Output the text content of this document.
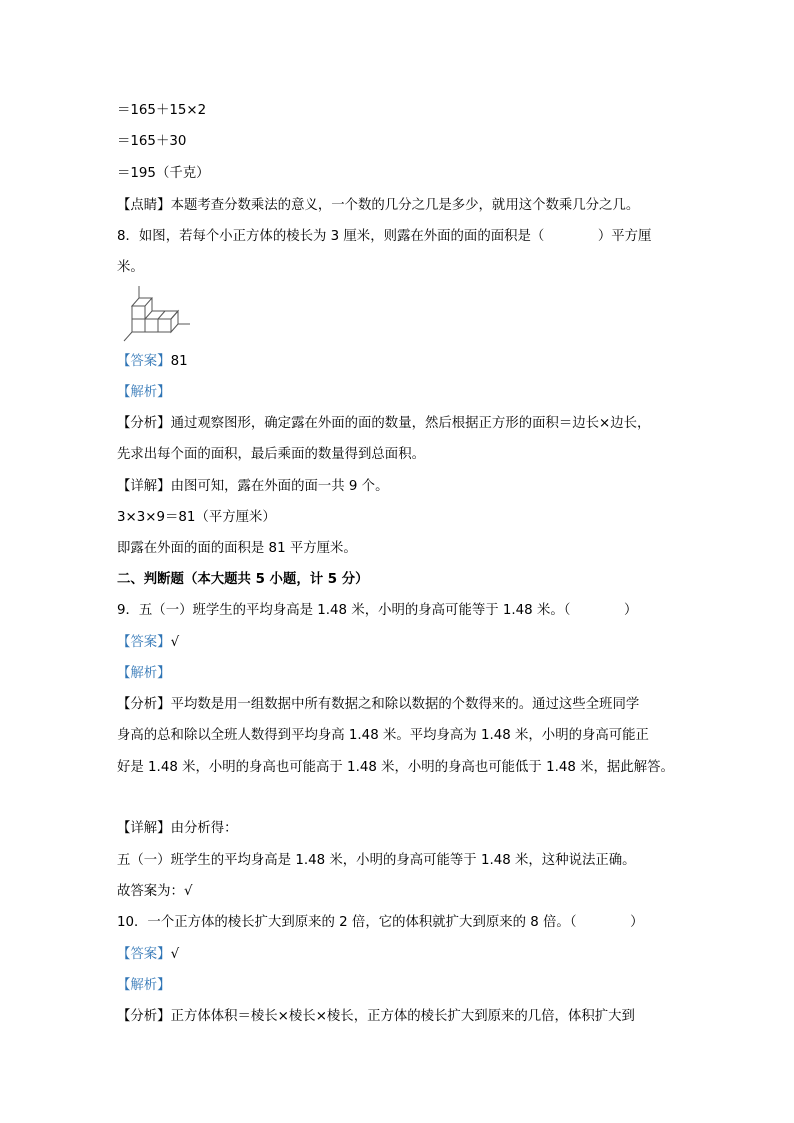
＝165＋15×2
＝165＋30
＝195（千克）
【点睛】本题考查分数乘法的意义，一个数的几分之几是多少，就用这个数乘几分之几。
8．如图，若每个小正方体的棱长为 3 厘米，则露在外面的面的面积是（　　　　）平方厘
米。
【答案】81
【解析】
【分析】通过观察图形，确定露在外面的面的数量，然后根据正方形的面积＝边长×边长，
先求出每个面的面积，最后乘面的数量得到总面积。
【详解】由图可知，露在外面的面一共 9 个。
3×3×9＝81（平方厘米）
即露在外面的面的面积是 81 平方厘米。
二、判断题（本大题共 5 小题，计 5 分）
9．五（一）班学生的平均身高是 1.48 米，小明的身高可能等于 1.48 米。（　　　　）
【答案】√
【解析】
【分析】平均数是用一组数据中所有数据之和除以数据的个数得来的。通过这些全班同学
身高的总和除以全班人数得到平均身高 1.48 米。平均身高为 1.48 米，小明的身高可能正
好是 1.48 米，小明的身高也可能高于 1.48 米，小明的身高也可能低于 1.48 米，据此解答。
【详解】由分析得：
五（一）班学生的平均身高是 1.48 米，小明的身高可能等于 1.48 米，这种说法正确。
故答案为：√
10．一个正方体的棱长扩大到原来的 2 倍，它的体积就扩大到原来的 8 倍。（　　　　）
【答案】√
【解析】
【分析】正方体体积＝棱长×棱长×棱长，正方体的棱长扩大到原来的几倍，体积扩大到
